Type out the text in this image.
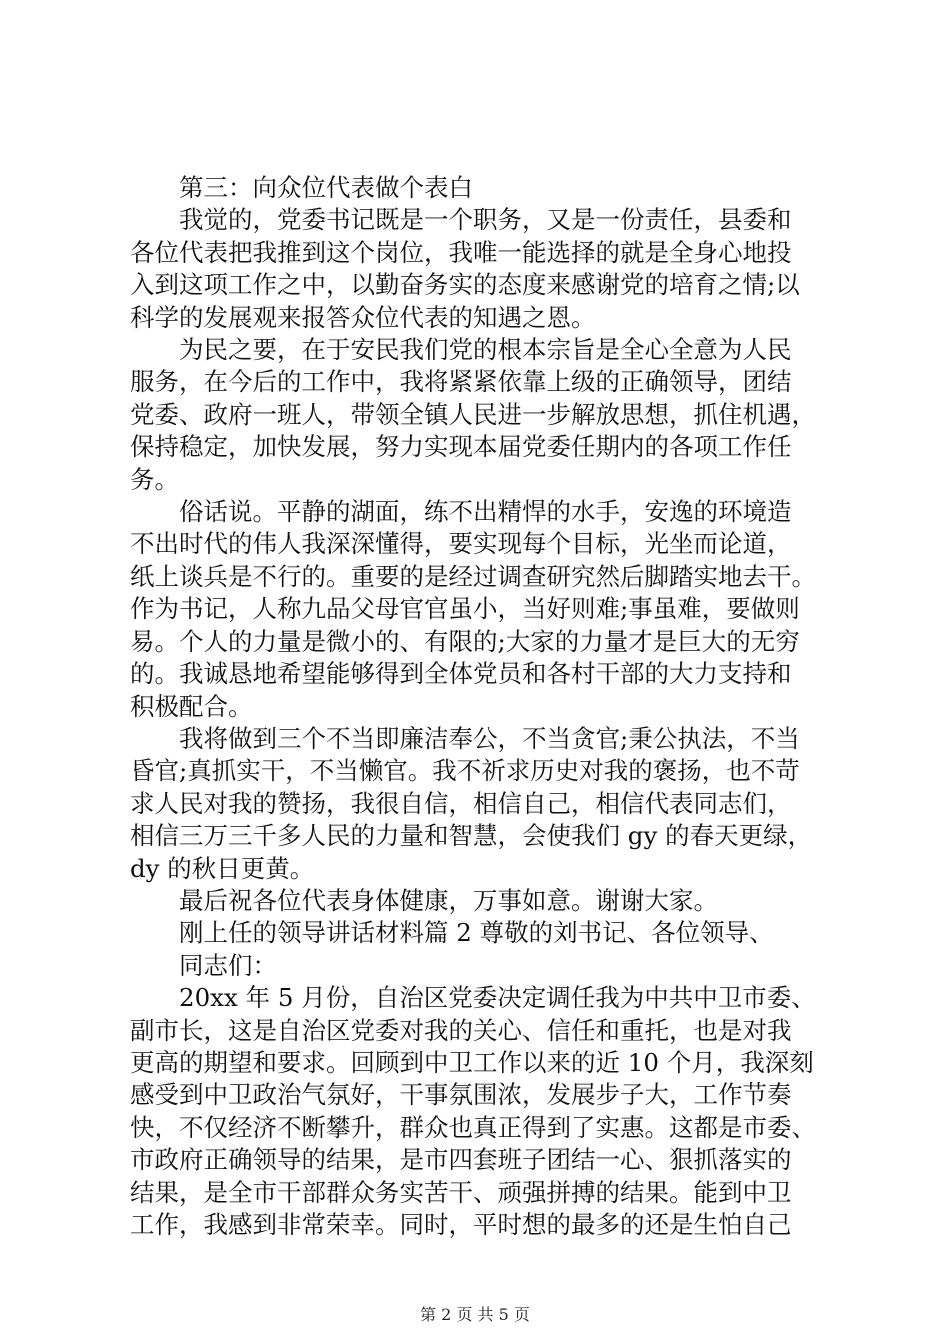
第三：向众位代表做个表白

我觉的，党委书记既是一个职务，又是一份责任，县委和
各位代表把我推到这个岗位，我唯一能选择的就是全身心地投
入到这项工作之中，以勤奋务实的态度来感谢党的培育之情;以
科学的发展观来报答众位代表的知遇之恩。

为民之要，在于安民我们党的根本宗旨是全心全意为人民
服务，在今后的工作中，我将紧紧依靠上级的正确领导，团结
党委、政府一班人，带领全镇人民进一步解放思想，抓住机遇，
保持稳定，加快发展，努力实现本届党委任期内的各项工作任
务。

俗话说。平静的湖面，练不出精悍的水手，安逸的环境造
不出时代的伟人我深深懂得，要实现每个目标，光坐而论道，
纸上谈兵是不行的。重要的是经过调查研究然后脚踏实地去干。
作为书记，人称九品父母官官虽小，当好则难;事虽难，要做则
易。个人的力量是微小的、有限的;大家的力量才是巨大的无穷
的。我诚恳地希望能够得到全体党员和各村干部的大力支持和
积极配合。

我将做到三个不当即廉洁奉公，不当贪官;秉公执法，不当
昏官;真抓实干，不当懒官。我不祈求历史对我的褒扬，也不苛
求人民对我的赞扬，我很自信，相信自己，相信代表同志们，
相信三万三千多人民的力量和智慧，会使我们 gy 的春天更绿，
dy 的秋日更黄。

最后祝各位代表身体健康，万事如意。谢谢大家。

刚上任的领导讲话材料篇 2 尊敬的刘书记、各位领导、

同志们：

20xx 年 5 月份，自治区党委决定调任我为中共中卫市委、
副市长，这是自治区党委对我的关心、信任和重托，也是对我
更高的期望和要求。回顾到中卫工作以来的近 10 个月，我深刻
感受到中卫政治气氛好，干事氛围浓，发展步子大，工作节奏
快，不仅经济不断攀升，群众也真正得到了实惠。这都是市委、
市政府正确领导的结果，是市四套班子团结一心、狠抓落实的
结果，是全市干部群众务实苦干、顽强拼搏的结果。能到中卫
工作，我感到非常荣幸。同时，平时想的最多的还是生怕自己

第 2 页 共 5 页
